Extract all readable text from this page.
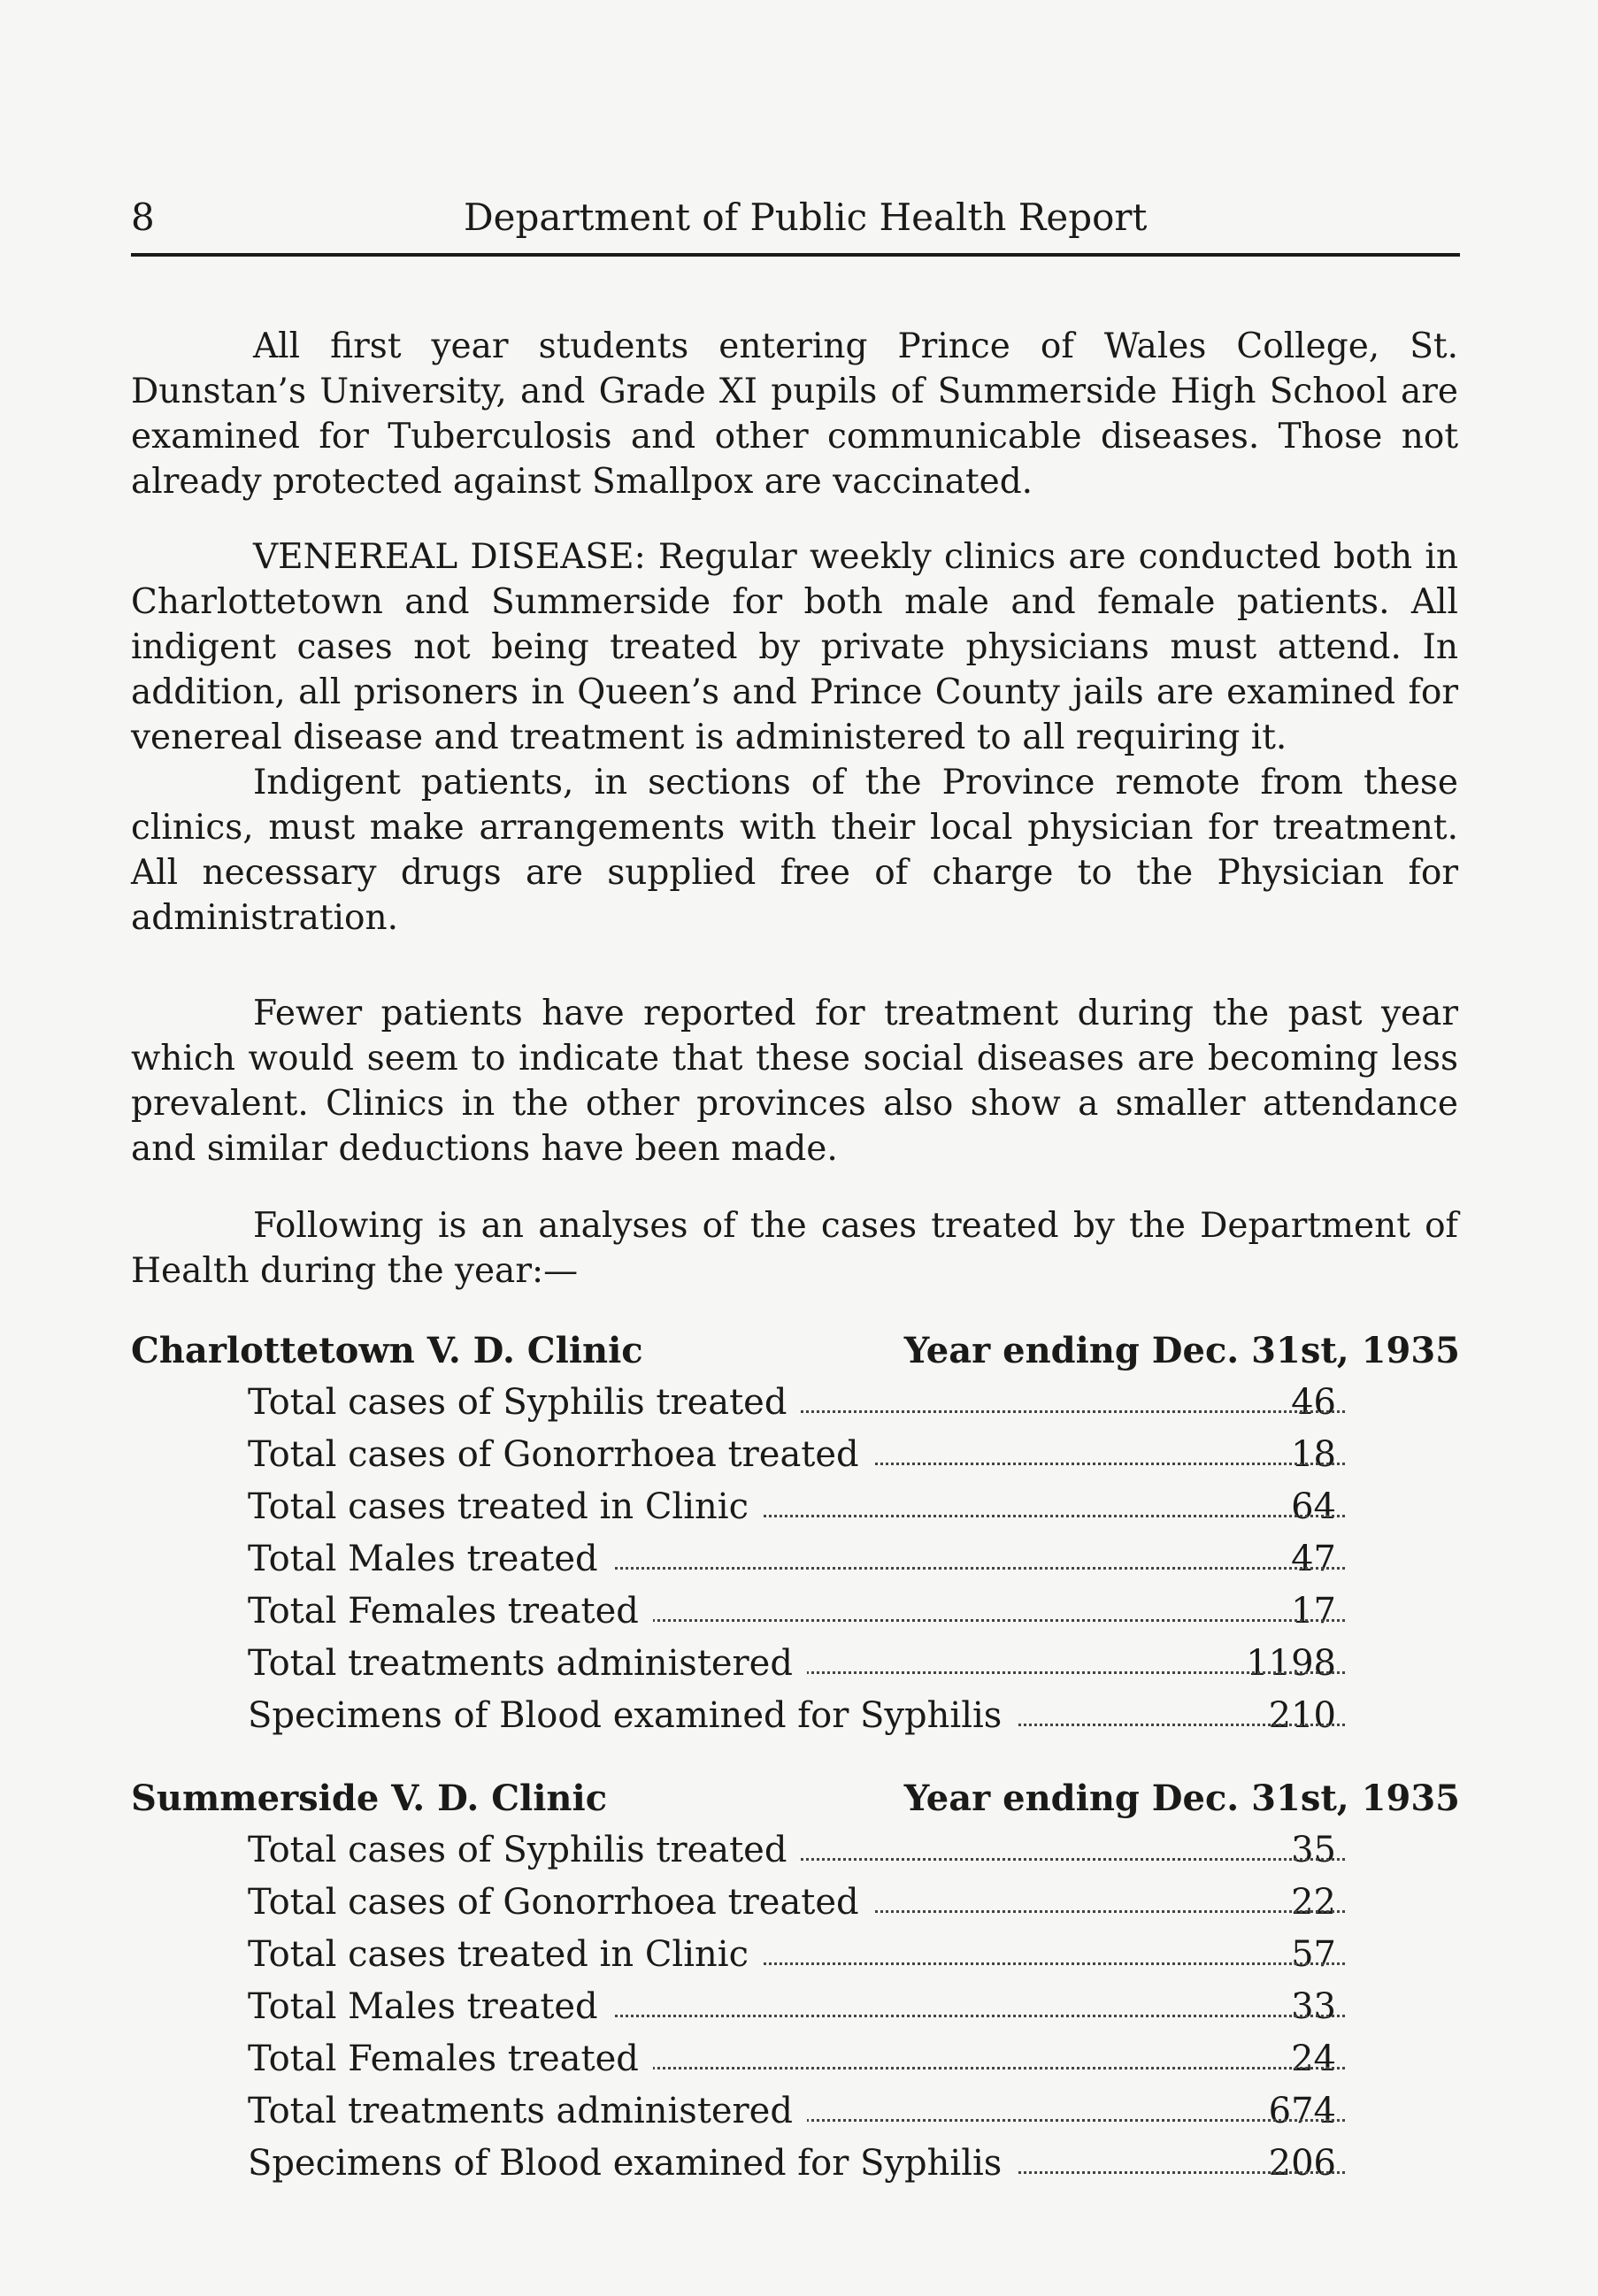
8	Department of Public Health Report

All first year students entering Prince of Wales College, St. Dunstan’s University, and Grade XI pupils of Summerside High School are examined for Tuberculosis and other communicable diseases. Those not already protected against Smallpox are vaccinated.

VENEREAL DISEASE: Regular weekly clinics are conducted both in Charlottetown and Summerside for both male and female patients. All indigent cases not being treated by private physicians must attend. In addition, all prisoners in Queen’s and Prince County jails are examined for venereal disease and treatment is administered to all requiring it.

Indigent patients, in sections of the Province remote from these clinics, must make arrangements with their local physician for treatment. All necessary drugs are supplied free of charge to the Physician for administration.

Fewer patients have reported for treatment during the past year which would seem to indicate that these social diseases are becoming less prevalent. Clinics in the other provinces also show a smaller attendance and similar deductions have been made.

Following is an analyses of the cases treated by the Department of Health during the year:—

Charlottetown V. D. Clinic	Year ending Dec. 31st, 1935
Total cases of Syphilis treated	46
Total cases of Gonorrhoea treated	18
Total cases treated in Clinic	64
Total Males treated	47
Total Females treated	17
Total treatments administered	1198
Specimens of Blood examined for Syphilis	210
Summerside V. D. Clinic	Year ending Dec. 31st, 1935
Total cases of Syphilis treated	35
Total cases of Gonorrhoea treated	22
Total cases treated in Clinic	57
Total Males treated	33
Total Females treated	24
Total treatments administered	674
Specimens of Blood examined for Syphilis	206
